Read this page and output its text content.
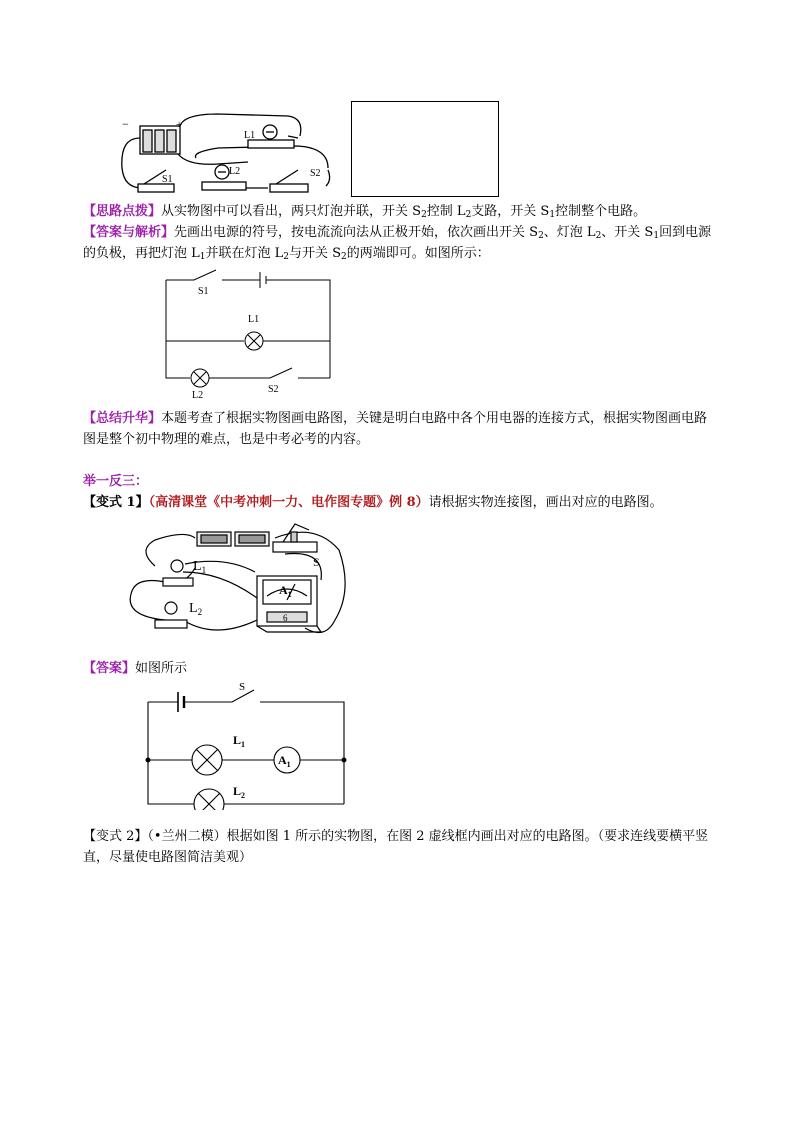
−	+
L1
L2
S1
S2
【思路点拨】从实物图中可以看出，两只灯泡并联，开关 $S_2$控制 $L_2$支路，开关 $S_1$控制整个电路。
【答案与解析】先画出电源的符号，按电流流向法从正极开始，依次画出开关 $S_2$、灯泡 $L_2$、开关 $S_1$回到电源的负极，再把灯泡 $L_1$并联在灯泡 $L_2$与开关 $S_2$的两端即可。如图所示：
S1
L1
L2
S2
【总结升华】本题考查了根据实物图画电路图，关键是明白电路中各个用电器的连接方式，根据实物图画电路图是整个初中物理的难点，也是中考必考的内容。
举一反三：
【变式 1】（高清课堂《中考冲刺一力、电作图专题》例 8）请根据实物连接图，画出对应的电路图。
$L_1$
$L_2$
S
$A_1$
6
【答案】如图所示
S
$L_1$
$A_1$
$L_2$
【变式 2】（•兰州二模）根据如图 1 所示的实物图，在图 2 虚线框内画出对应的电路图。（要求连线要横平竖直，尽量使电路图简洁美观）
